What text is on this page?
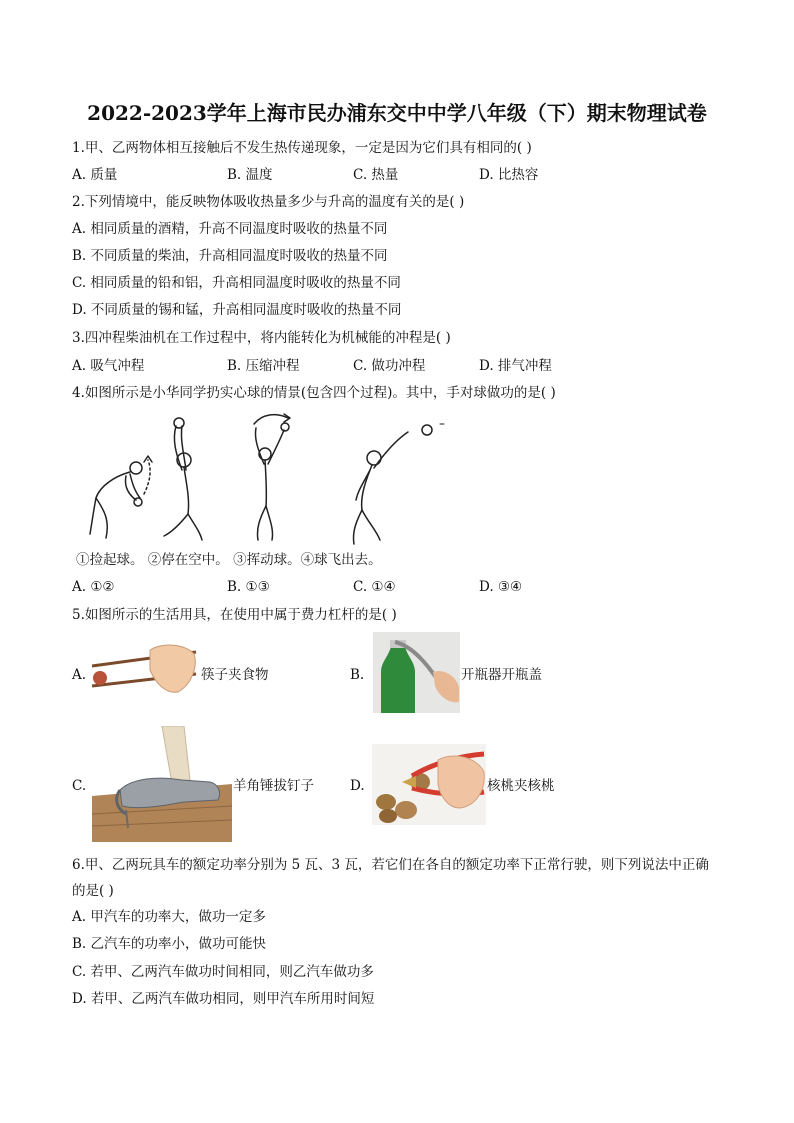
2022-2023学年上海市民办浦东交中中学八年级（下）期末物理试卷
1.甲、乙两物体相互接触后不发生热传递现象，一定是因为它们具有相同的( )
A. 质量	B. 温度	C. 热量	D. 比热容
2.下列情境中，能反映物体吸收热量多少与升高的温度有关的是( )
A. 相同质量的酒精，升高不同温度时吸收的热量不同
B. 不同质量的柴油，升高相同温度时吸收的热量不同
C. 相同质量的铅和铝，升高相同温度时吸收的热量不同
D. 不同质量的锡和锰，升高相同温度时吸收的热量不同
3.四冲程柴油机在工作过程中，将内能转化为机械能的冲程是( )
A. 吸气冲程	B. 压缩冲程	C. 做功冲程	D. 排气冲程
4.如图所示是小华同学扔实心球的情景(包含四个过程)。其中，手对球做功的是( )
①捡起球。 ②停在空中。 ③挥动球。④球飞出去。
A. ①②	B. ①③	C. ①④	D. ③④
5.如图所示的生活用具，在使用中属于费力杠杆的是( )
A.	筷子夹食物	B.	开瓶器开瓶盖
C.	羊角锤拔钉子	D.	核桃夹核桃
6.甲、乙两玩具车的额定功率分别为 5 瓦、3 瓦，若它们在各自的额定功率下正常行驶，则下列说法中正确
的是( )
A. 甲汽车的功率大，做功一定多
B. 乙汽车的功率小，做功可能快
C. 若甲、乙两汽车做功时间相同，则乙汽车做功多
D. 若甲、乙两汽车做功相同，则甲汽车所用时间短
